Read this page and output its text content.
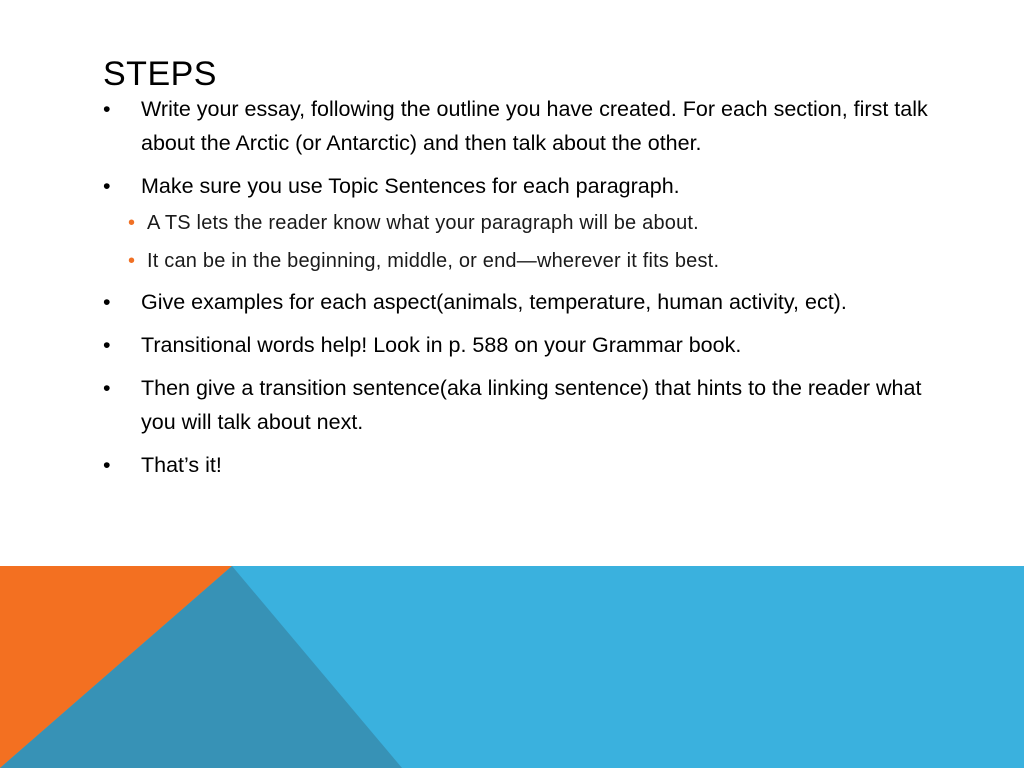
STEPS
•	Write your essay, following the outline you have created. For each section, first talk about the Arctic (or Antarctic) and then talk about the other.
•	Make sure you use Topic Sentences for each paragraph.
• A TS lets the reader know what your paragraph will be about.
• It can be in the beginning, middle, or end—wherever it fits best.
•	Give examples for each aspect(animals, temperature, human activity, ect).
•	Transitional words help! Look in p. 588 on your Grammar book.
•	Then give a transition sentence(aka linking sentence) that hints to the reader what you will talk about next.
•	That’s it!
